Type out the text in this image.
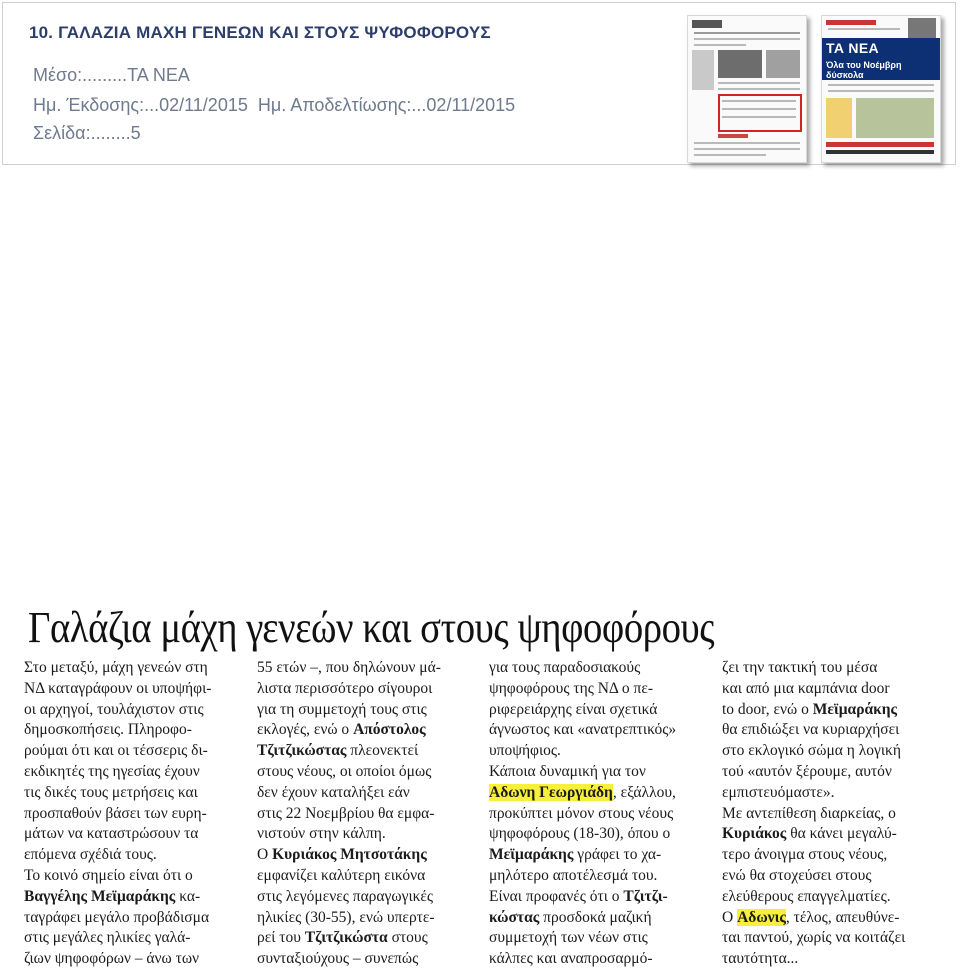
10. ΓΑΛΑΖΙΑ ΜΑΧΗ ΓΕΝΕΩΝ ΚΑΙ ΣΤΟΥΣ ΨΥΦΟΦΟΡΟΥΣ
Μέσο:.........ΤΑ ΝΕΑ
Ημ. Έκδοσης:...02/11/2015  Ημ. Αποδελτίωσης:...02/11/2015
Σελίδα:........5
ΤΑ ΝΕΑ
Όλα του Νοέμβρη δύσκολα
Γαλάζια μάχη γενεών και στους ψηφοφόρους
Στο μεταξύ, μάχη γενεών στη
ΝΔ καταγράφουν οι υποψήφι-
οι αρχηγοί, τουλάχιστον στις
δημοσκοπήσεις. Πληροφο-
ρούμαι ότι και οι τέσσερις δι-
εκδικητές της ηγεσίας έχουν
τις δικές τους μετρήσεις και
προσπαθούν βάσει των ευρη-
μάτων να καταστρώσουν τα
επόμενα σχέδιά τους.
Το κοινό σημείο είναι ότι ο
Βαγγέλης Μεϊμαράκης κα-
ταγράφει μεγάλο προβάδισμα
στις μεγάλες ηλικίες γαλά-
ζιων ψηφοφόρων – άνω των
55 ετών –, που δηλώνουν μά-
λιστα περισσότερο σίγουροι
για τη συμμετοχή τους στις
εκλογές, ενώ ο Απόστολος
Τζιτζικώστας πλεονεκτεί
στους νέους, οι οποίοι όμως
δεν έχουν καταλήξει εάν
στις 22 Νοεμβρίου θα εμφα-
νιστούν στην κάλπη.
Ο Κυριάκος Μητσοτάκης
εμφανίζει καλύτερη εικόνα
στις λεγόμενες παραγωγικές
ηλικίες (30-55), ενώ υπερτε-
ρεί του Τζιτζικώστα στους
συνταξιούχους – συνεπώς
για τους παραδοσιακούς
ψηφοφόρους της ΝΔ ο πε-
ριφερειάρχης είναι σχετικά
άγνωστος και «ανατρεπτικός»
υποψήφιος.
Κάποια δυναμική για τον
Αδωνη Γεωργιάδη, εξάλλου,
προκύπτει μόνον στους νέους
ψηφοφόρους (18-30), όπου ο
Μεϊμαράκης γράφει το χα-
μηλότερο αποτέλεσμά του.
Είναι προφανές ότι ο Τζιτζι-
κώστας προσδοκά μαζική
συμμετοχή των νέων στις
κάλπες και αναπροσαρμό-
ζει την τακτική του μέσα
και από μια καμπάνια door
to door, ενώ ο Μεϊμαράκης
θα επιδιώξει να κυριαρχήσει
στο εκλογικό σώμα η λογική
τού «αυτόν ξέρουμε, αυτόν
εμπιστευόμαστε».
Με αντεπίθεση διαρκείας, ο
Κυριάκος θα κάνει μεγαλύ-
τερο άνοιγμα στους νέους,
ενώ θα στοχεύσει στους
ελεύθερους επαγγελματίες.
Ο Αδωνις, τέλος, απευθύνε-
ται παντού, χωρίς να κοιτάζει
ταυτότητα...
